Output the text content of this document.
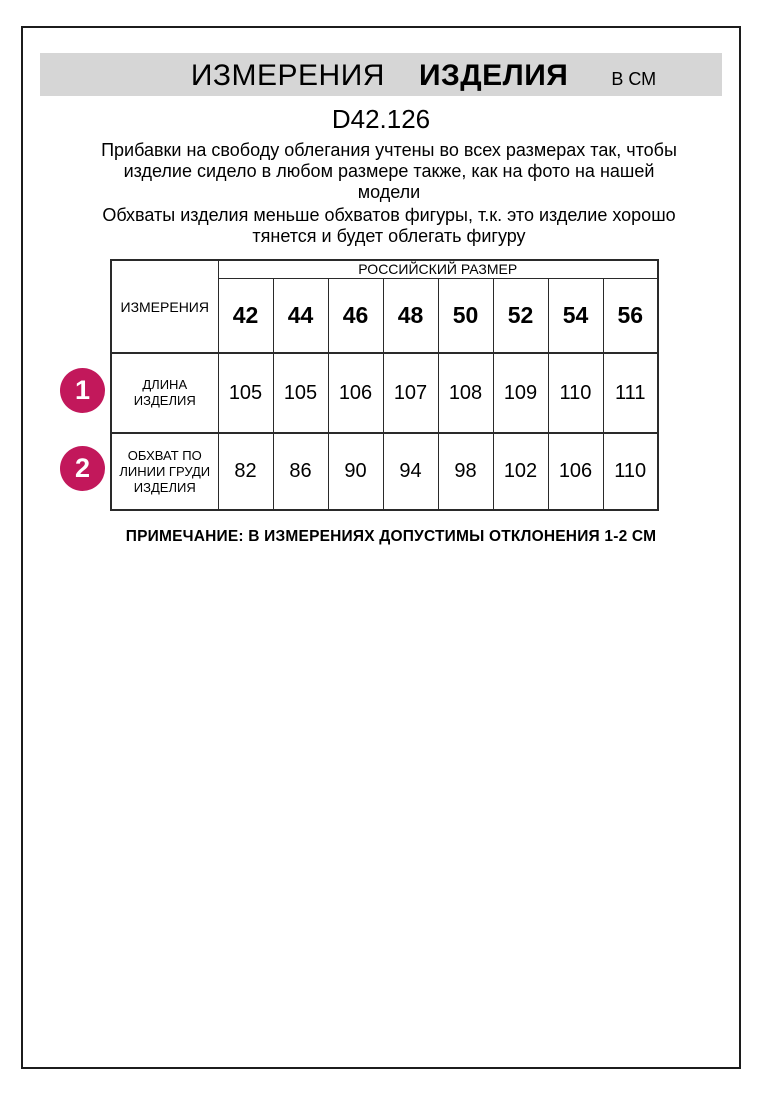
ИЗМЕРЕНИЯ ИЗДЕЛИЯ В СМ
D42.126
Прибавки на свободу облегания учтены во всех размерах так, чтобы изделие сидело в любом размере также, как на фото на нашей модели
Обхваты изделия меньше обхватов фигуры, т.к. это изделие хорошо тянется и будет облегать фигуру
ИЗМЕРЕНИЯ	РОССИЙСКИЙ РАЗМЕР							
	42	44	46	48	50	52	54	56
ДЛИНА ИЗДЕЛИЯ	105	105	106	107	108	109	110	111
ОБХВАТ ПО ЛИНИИ ГРУДИ ИЗДЕЛИЯ	82	86	90	94	98	102	106	110
1
2
ПРИМЕЧАНИЕ: В ИЗМЕРЕНИЯХ ДОПУСТИМЫ ОТКЛОНЕНИЯ 1-2 СМ
